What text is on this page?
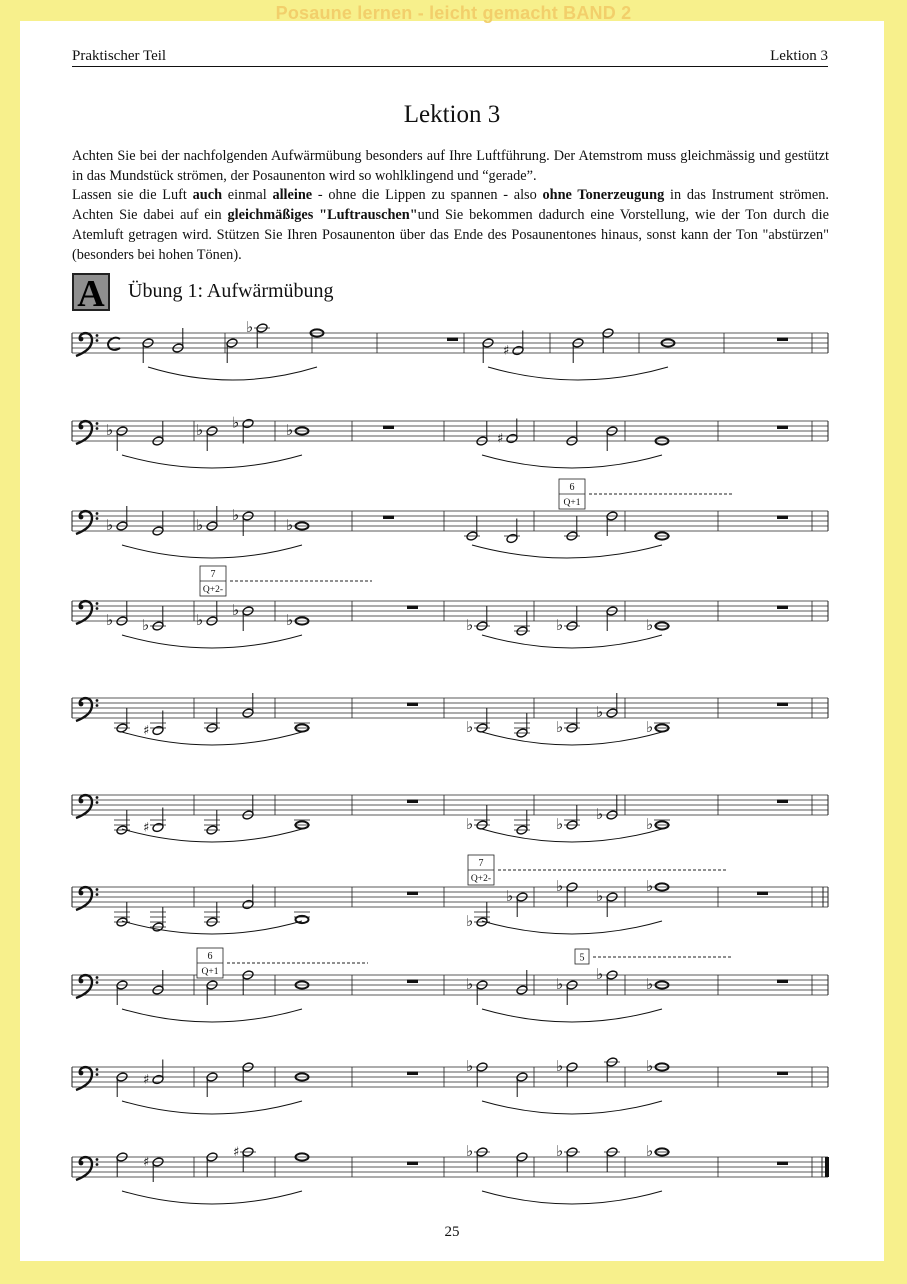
Praktischer Teil	Lektion 3
Lektion 3

Achten Sie bei der nachfolgenden Aufwärmübung besonders auf Ihre Luftführung. Der Atemstrom muss gleichmässig und gestützt in das Mundstück strömen, der Posaunenton wird so wohlklingend und “gerade”.

Lassen sie die Luft auch einmal alleine - ohne die Lippen zu spannen - also ohne Tonerzeugung in das Instrument strömen. Achten Sie dabei auf ein gleichmäßiges "Luftrauschen"und Sie bekommen dadurch eine Vorstellung, wie der Ton durch die Atemluft getragen wird. Stützen Sie Ihren Posaunenton über das Ende des Posaunentones hinaus, sonst kann der Ton "abstürzen"(besonders bei hohen Tönen).

A Übung 1: Aufwärmübung
25
Posaune lernen - leicht gemacht BAND 2
♭
♯
♭	♭ ♭	♭	♯
♭	♭
♭
♭
♭ ♭	♭
♭
♭	♭	♭	♭
♯	♭	♭
♭
♭
♯	♭	♭
♭
♭
♭
♭
♭
♭
♭
♭	♭
♭
♭
♯
♭	♭	♭
♯
♯	♭	♭	♭
6
Q+1
7
Q+2-
7
Q+2-
6
Q+1
5
